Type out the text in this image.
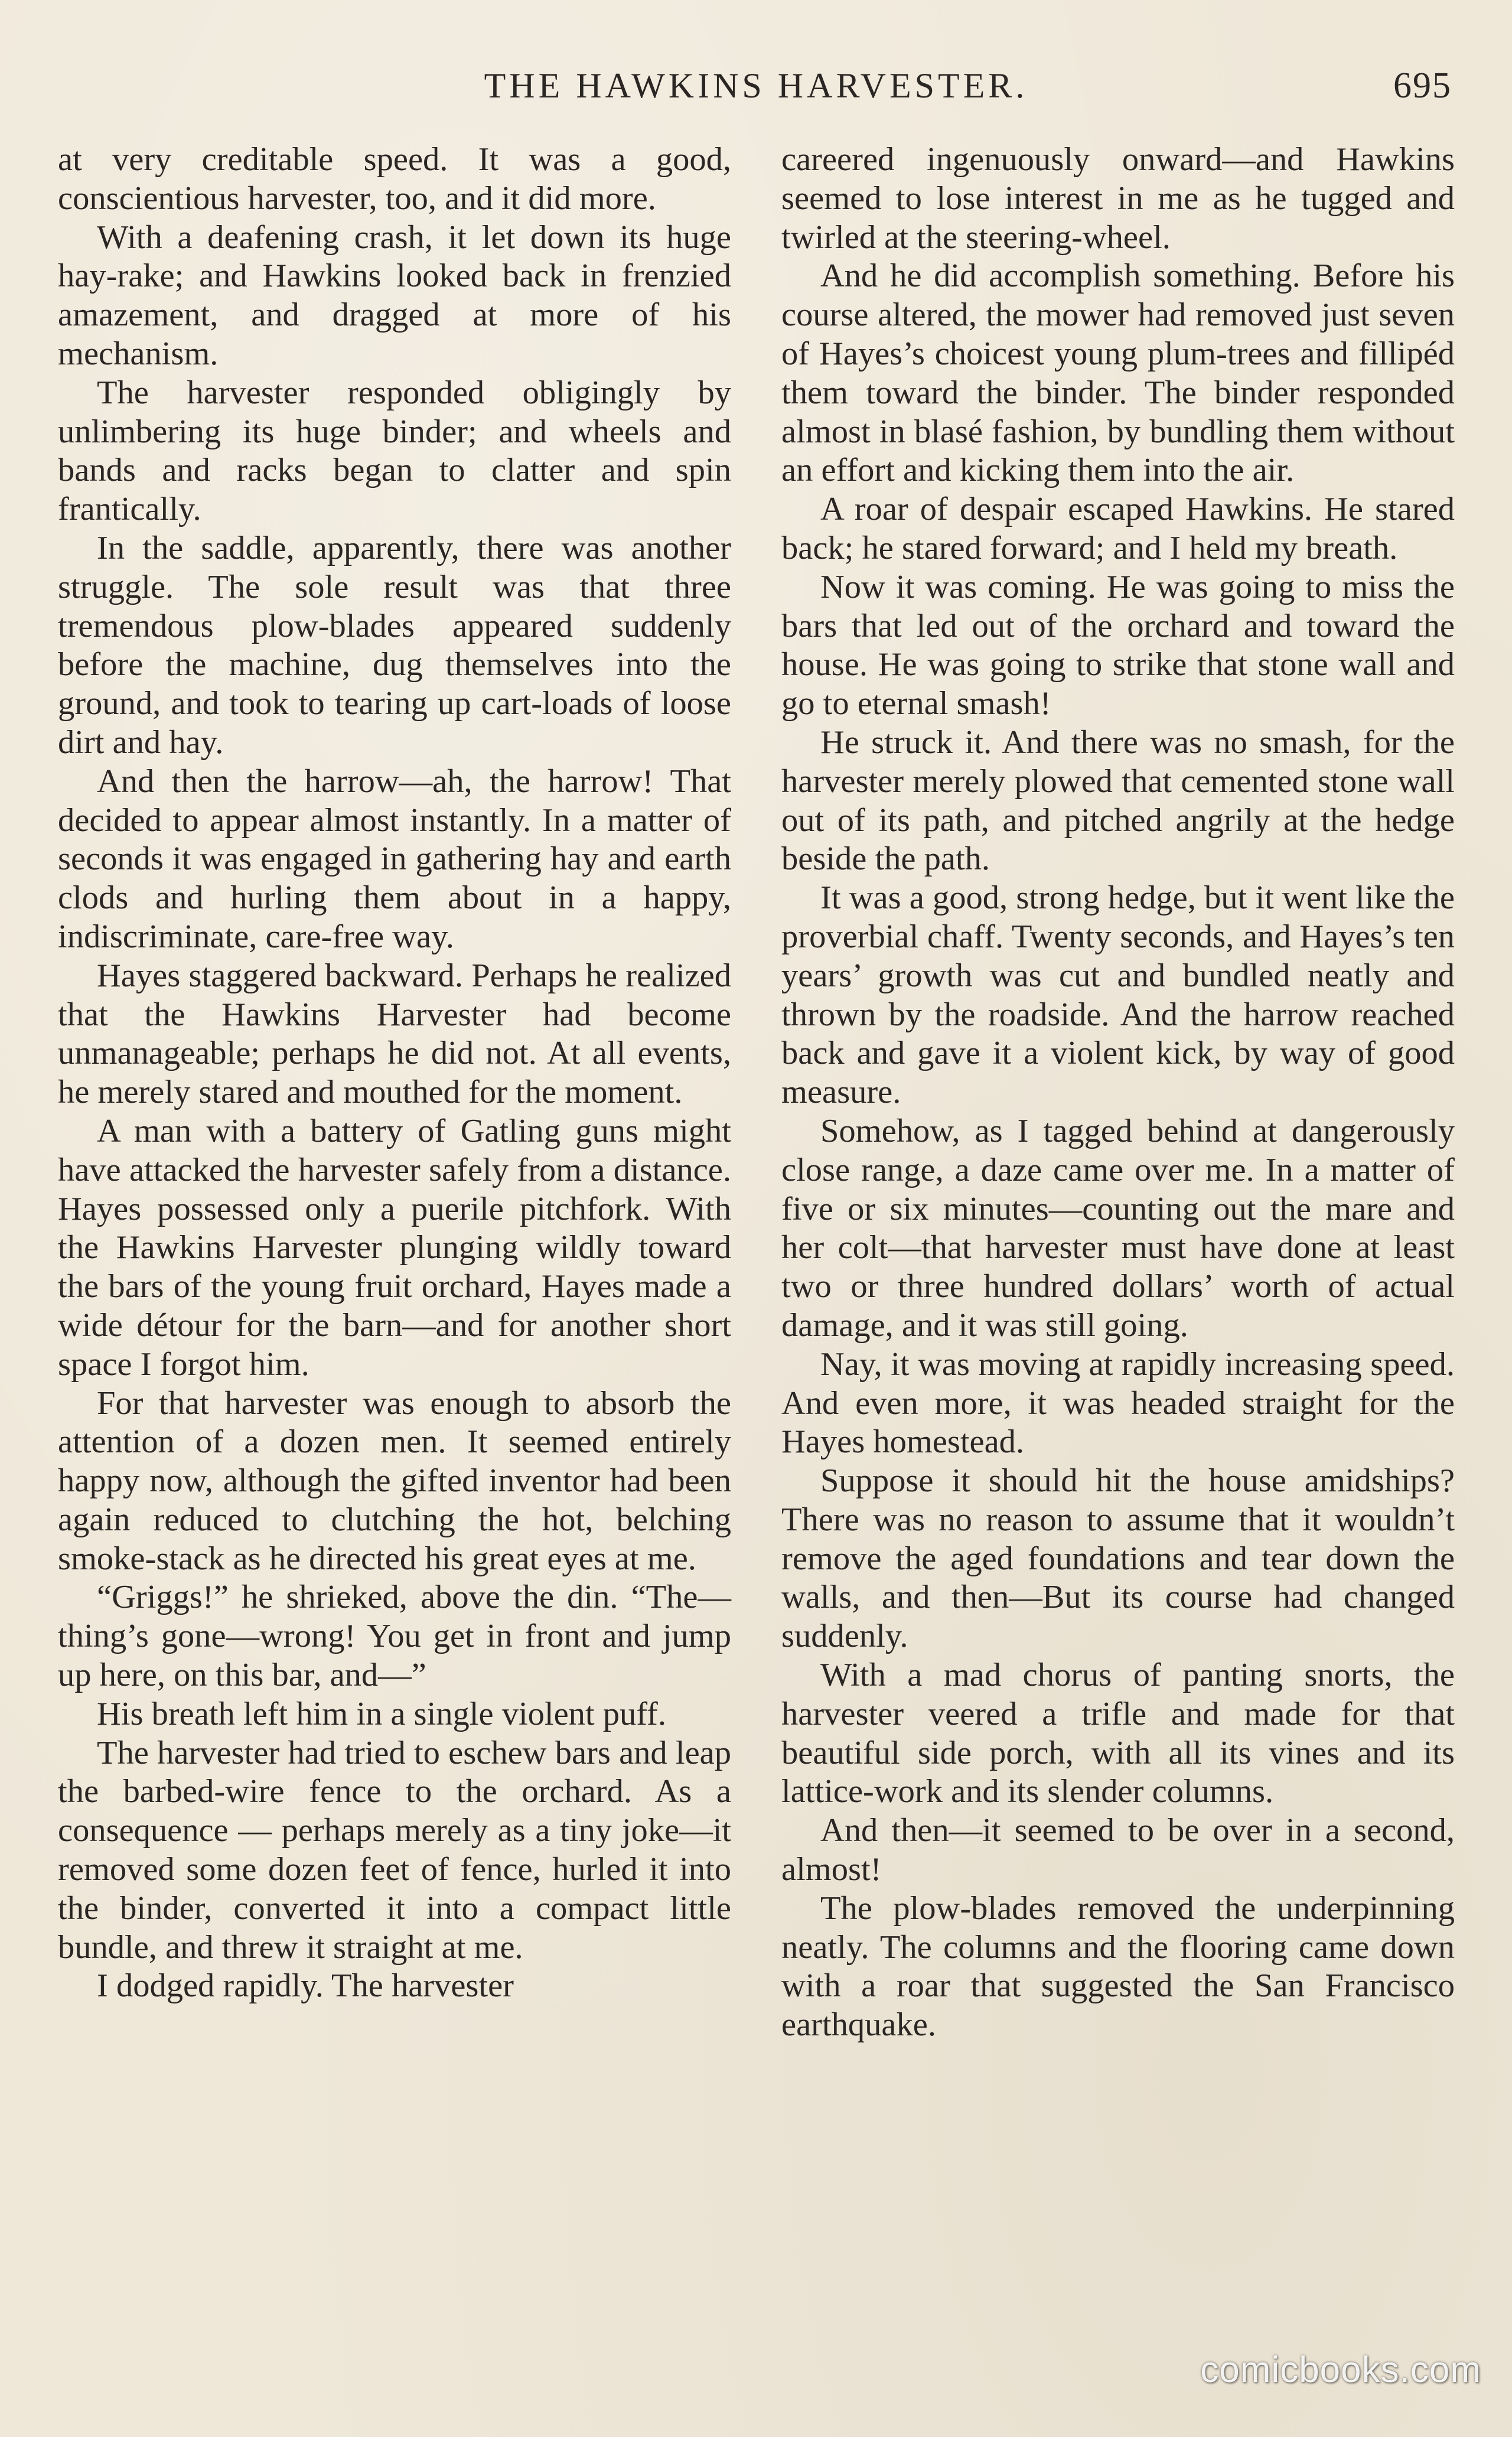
THE HAWKINS HARVESTER.	695

at very creditable speed. It was a good, conscientious harvester, too, and it did more.

With a deafening crash, it let down its huge hay-rake; and Hawkins looked back in frenzied amazement, and dragged at more of his mechanism.

The harvester responded obligingly by unlimbering its huge binder; and wheels and bands and racks began to clatter and spin frantically.

In the saddle, apparently, there was another struggle. The sole result was that three tremendous plow-blades appeared suddenly before the machine, dug themselves into the ground, and took to tearing up cart-loads of loose dirt and hay.

And then the harrow—ah, the harrow! That decided to appear almost instantly. In a matter of seconds it was engaged in gathering hay and earth clods and hurling them about in a happy, indiscriminate, care-free way.

Hayes staggered backward. Perhaps he realized that the Hawkins Harvester had become unmanageable; perhaps he did not. At all events, he merely stared and mouthed for the moment.

A man with a battery of Gatling guns might have attacked the harvester safely from a distance. Hayes possessed only a puerile pitchfork. With the Hawkins Harvester plunging wildly toward the bars of the young fruit orchard, Hayes made a wide détour for the barn—and for another short space I forgot him.

For that harvester was enough to absorb the attention of a dozen men. It seemed entirely happy now, although the gifted inventor had been again reduced to clutching the hot, belching smoke-stack as he directed his great eyes at me.

“Griggs!” he shrieked, above the din. “The—thing’s gone—wrong! You get in front and jump up here, on this bar, and—”

His breath left him in a single violent puff.

The harvester had tried to eschew bars and leap the barbed-wire fence to the orchard. As a consequence — perhaps merely as a tiny joke—it removed some dozen feet of fence, hurled it into the binder, converted it into a compact little bundle, and threw it straight at me.

I dodged rapidly. The harvester

careered ingenuously onward—and Hawkins seemed to lose interest in me as he tugged and twirled at the steering-wheel.

And he did accomplish something. Before his course altered, the mower had removed just seven of Hayes’s choicest young plum-trees and fillipéd them toward the binder. The binder responded almost in blasé fashion, by bundling them without an effort and kicking them into the air.

A roar of despair escaped Hawkins. He stared back; he stared forward; and I held my breath.

Now it was coming. He was going to miss the bars that led out of the orchard and toward the house. He was going to strike that stone wall and go to eternal smash!

He struck it. And there was no smash, for the harvester merely plowed that cemented stone wall out of its path, and pitched angrily at the hedge beside the path.

It was a good, strong hedge, but it went like the proverbial chaff. Twenty seconds, and Hayes’s ten years’ growth was cut and bundled neatly and thrown by the roadside. And the harrow reached back and gave it a violent kick, by way of good measure.

Somehow, as I tagged behind at dangerously close range, a daze came over me. In a matter of five or six minutes—counting out the mare and her colt—that harvester must have done at least two or three hundred dollars’ worth of actual damage, and it was still going.

Nay, it was moving at rapidly increasing speed. And even more, it was headed straight for the Hayes homestead.

Suppose it should hit the house amidships? There was no reason to assume that it wouldn’t remove the aged foundations and tear down the walls, and then—But its course had changed suddenly.

With a mad chorus of panting snorts, the harvester veered a trifle and made for that beautiful side porch, with all its vines and its lattice-work and its slender columns.

And then—it seemed to be over in a second, almost!

The plow-blades removed the underpinning neatly. The columns and the flooring came down with a roar that suggested the San Francisco earthquake.

comicbooks.com
